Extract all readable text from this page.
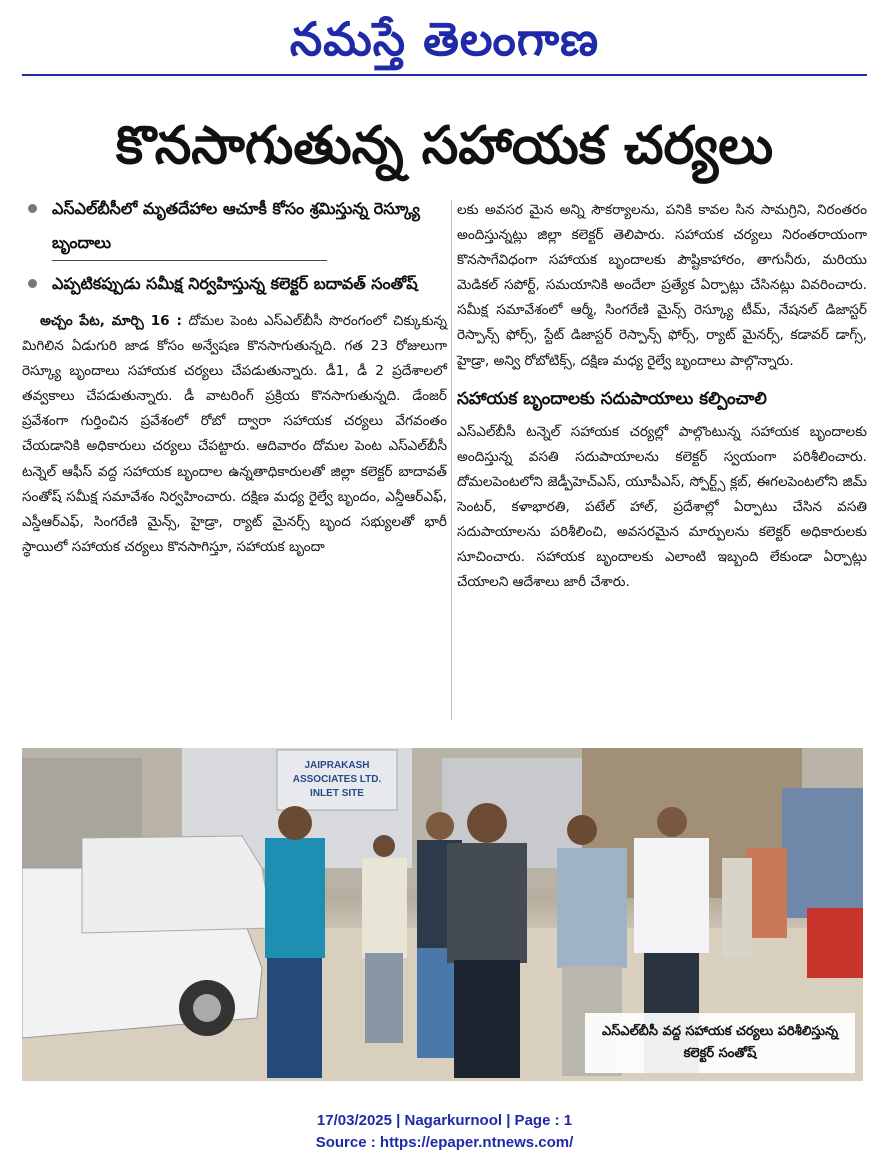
నమస్తే తెలంగాణ
కొనసాగుతున్న సహాయక చర్యలు
ఎస్‌ఎల్‌బీసీలో మృతదేహాల ఆచూకీ కోసం శ్రమిస్తున్న రెస్క్యూ బృందాలు
ఎప్పటికప్పుడు సమీక్ష నిర్వహిస్తున్న కలెక్టర్ బదావత్ సంతోష్

అచ్చం పేట, మార్చి 16 : దోమల పెంట ఎస్‌ఎల్‌బీసీ సొరంగంలో చిక్కుకున్న మిగిలిన ఏడుగురి జాడ కోసం అన్వేషణ కొనసాగుతున్నది. గత 23 రోజులుగా రెస్క్యూ బృందాలు సహాయక చర్యలు చేపడుతున్నారు. డీ1, డీ 2 ప్రదేశాలలో తవ్వకాలు చేపడుతున్నారు. డీ వాటరింగ్ ప్రక్రియ కొనసాగుతున్నది. డేంజర్ ప్రవేశంగా గుర్తించిన ప్రవేశంలో రోబో ద్వారా సహాయక చర్యలు వేగవంతం చేయడానికి అధికారులు చర్యలు చేపట్టారు. ఆదివారం దోమల పెంట ఎస్‌ఎల్‌బీసీ టన్నెల్ ఆఫీస్ వద్ద సహాయక బృందాల ఉన్నతాధికారులతో జిల్లా కలెక్టర్ బాదావత్ సంతోష్ సమీక్ష సమావేశం నిర్వహించారు. దక్షిణ మధ్య రైల్వే బృందం, ఎన్డీఆర్ఎఫ్, ఎస్డీఆర్ఎఫ్, సింగరేణి మైన్స్, హైడ్రా, ర్యాట్ మైనర్స్ బృంద సభ్యులతో భారీ స్థాయిలో సహాయక చర్యలు కొనసాగిస్తూ, సహాయక బృందా

లకు అవసర మైన అన్ని సౌకర్యాలను, పనికి కావల సిన సామగ్రిని, నిరంతరం అందిస్తున్నట్లు జిల్లా కలెక్టర్ తెలిపారు. సహాయక చర్యలు నిరంతరాయంగా కొనసాగేవిధంగా సహాయక బృందాలకు పౌష్టికాహారం, తాగునీరు, మరియు మెడికల్ సపోర్ట్, సమయానికి అందేలా ప్రత్యేక ఏర్పాట్లు చేసినట్లు వివరించారు. సమీక్ష సమావేశంలో ఆర్మీ, సింగరేణి మైన్స్ రెస్క్యూ టీమ్, నేషనల్ డిజాస్టర్ రెస్పాన్స్ ఫోర్స్, స్టేట్ డిజాస్టర్ రెస్పాన్స్ ఫోర్స్, ర్యాట్ మైనర్స్, కడావర్ డాగ్స్, హైడ్రా, అన్వి రోబోటిక్స్, దక్షిణ మధ్య రైల్వే బృందాలు పాల్గొన్నారు.

సహాయక బృందాలకు సదుపాయాలు కల్పించాలి

ఎస్ఎల్‌బీసీ టన్నెల్ సహాయక చర్యల్లో పాల్గొంటున్న సహాయక బృందాలకు అందిస్తున్న వసతి సదుపాయాలను కలెక్టర్ స్వయంగా పరిశీలించారు. దోమలపెంటలోని జెడ్పీహెచ్‌ఎస్, యూపీఎస్, స్పోర్ట్స్ క్లబ్, ఈగలపెంటలోని జిమ్ సెంటర్, కళాభారతి, పటేల్ హాల్, ప్రదేశాల్లో ఏర్పాటు చేసిన వసతి సదుపాయాలను పరిశీలించి, అవసరమైన మార్పులను కలెక్టర్ అధికారులకు సూచించారు. సహాయక బృందాలకు ఎలాంటి ఇబ్బంది లేకుండా ఏర్పాట్లు చేయాలని ఆదేశాలు జారీ చేశారు.

JAIPRAKASH ASSOCIATES LTD. INLET SITE
ఎస్ఎల్‌బీసీ వద్ద సహాయక చర్యలు పరిశీలిస్తున్న కలెక్టర్ సంతోష్
17/03/2025 | Nagarkurnool | Page : 1
Source : https://epaper.ntnews.com/
